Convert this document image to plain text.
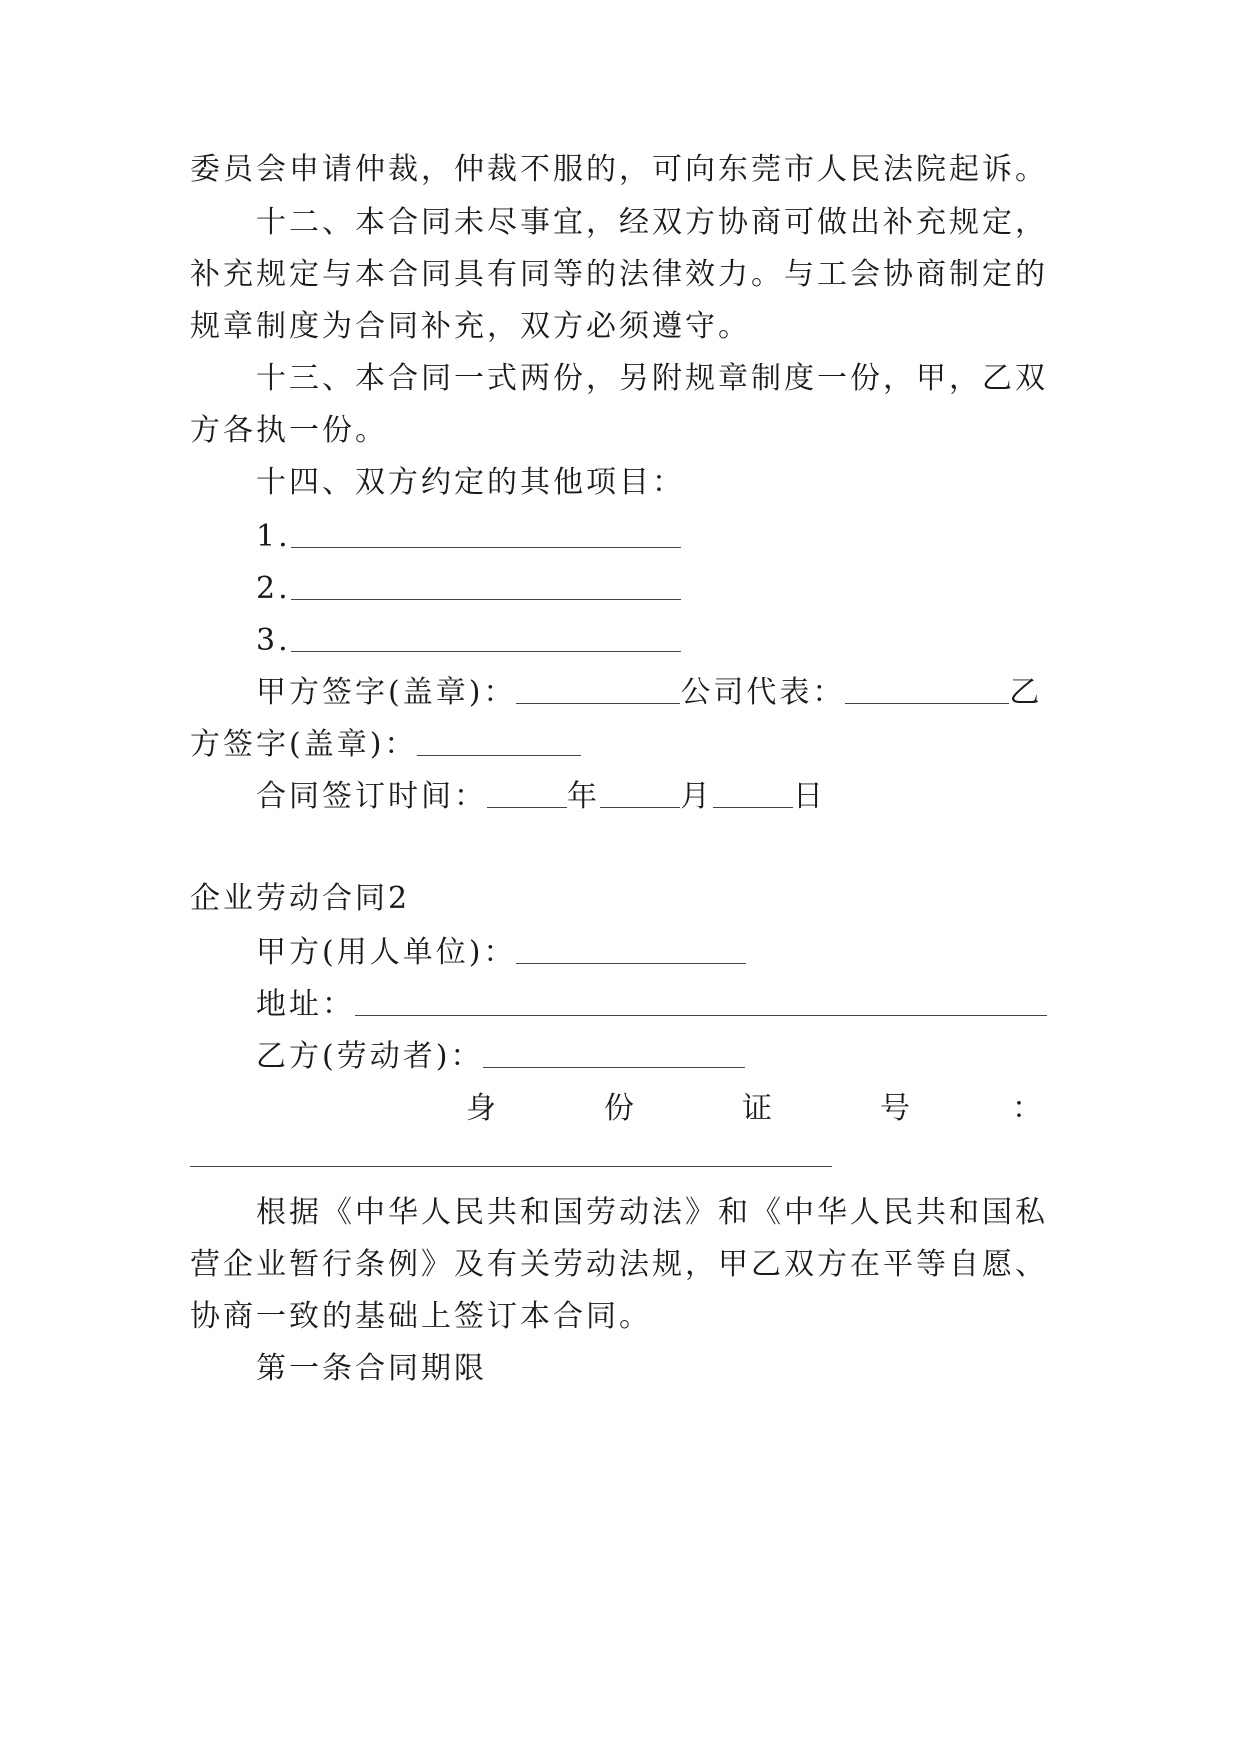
委员会申请仲裁，仲裁不服的，可向东莞市人民法院起诉。
十二、本合同未尽事宜，经双方协商可做出补充规定，
补充规定与本合同具有同等的法律效力。与工会协商制定的
规章制度为合同补充，双方必须遵守。
十三、本合同一式两份，另附规章制度一份，甲，乙双
方各执一份。
十四、双方约定的其他项目：
1.
2.
3.
甲方签字(盖章)：	公司代表：	乙
方签字(盖章)：
合同签订时间：	年	月	日
企业劳动合同2
甲方(用人单位)：
地址：
乙方(劳动者)：
身	份	证	号	：
根据《中华人民共和国劳动法》和《中华人民共和国私
营企业暂行条例》及有关劳动法规，甲乙双方在平等自愿、
协商一致的基础上签订本合同。
第一条合同期限
